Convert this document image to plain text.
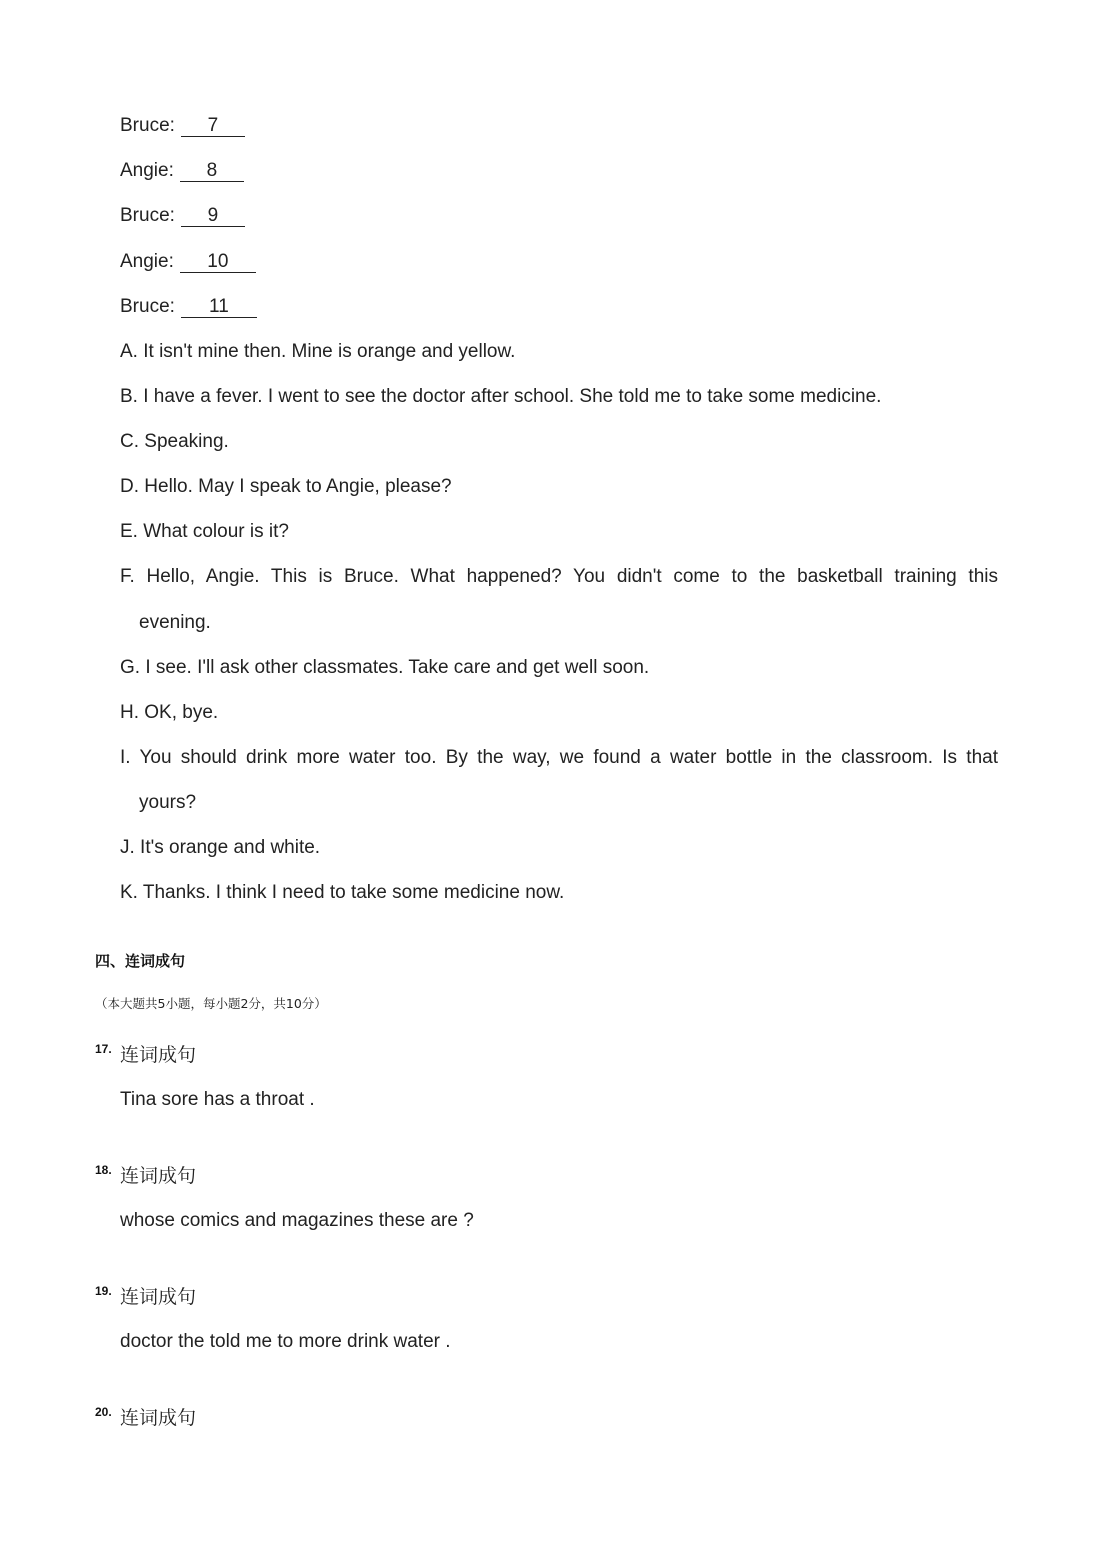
Bruce: 7
Angie: 8
Bruce: 9
Angie: 10
Bruce: 11
A. It isn't mine then. Mine is orange and yellow.
B. I have a fever. I went to see the doctor after school. She told me to take some medicine.
C. Speaking.
D. Hello. May I speak to Angie, please?
E. What colour is it?
F. Hello, Angie. This is Bruce. What happened? You didn't come to the basketball training this
evening.
G. I see. I'll ask other classmates. Take care and get well soon.
H. OK, bye.
I. You should drink more water too. By the way, we found a water bottle in the classroom. Is that
yours?
J. It's orange and white.
K. Thanks. I think I need to take some medicine now.
四、连词成句
（本大题共5小题，每小题2分，共10分）
17. 连词成句
Tina sore has a throat .
18. 连词成句
whose comics and magazines these are ?
19. 连词成句
doctor the told me to more drink water .
20. 连词成句
